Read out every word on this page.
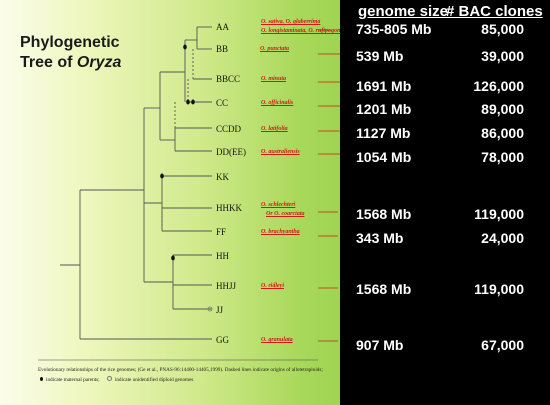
Phylogenetic
Tree of Oryza
AA
BB
BBCC
CC
CCDD
DD(EE)
KK
HHKK
FF
HH
HHJJ
JJ
GG
O. sativa, O. glaberrima
O. longistaminata, O. rufipogon
O. punctata
O. minuta
O. officinalis
O. latifolia
O. australiensis
O. schlechteri
Or O. coarctata
O. brachyantha
O. ridleyi
O. granulata
Evolutionary relationships of the rice genomes; (Ge et al., PNAS-96:14400-14405,1999). Dashed lines indicate origins of allotetraploids;
indicate maternal parents;	indicate unidentified diploid genomes
genome size
# BAC clones
735-805 Mb	85,000
539 Mb	39,000
1691 Mb	126,000
1201 Mb	89,000
1127 Mb	86,000
1054 Mb	78,000
1568 Mb	119,000
343 Mb	24,000
1568 Mb	119,000
907 Mb	67,000
